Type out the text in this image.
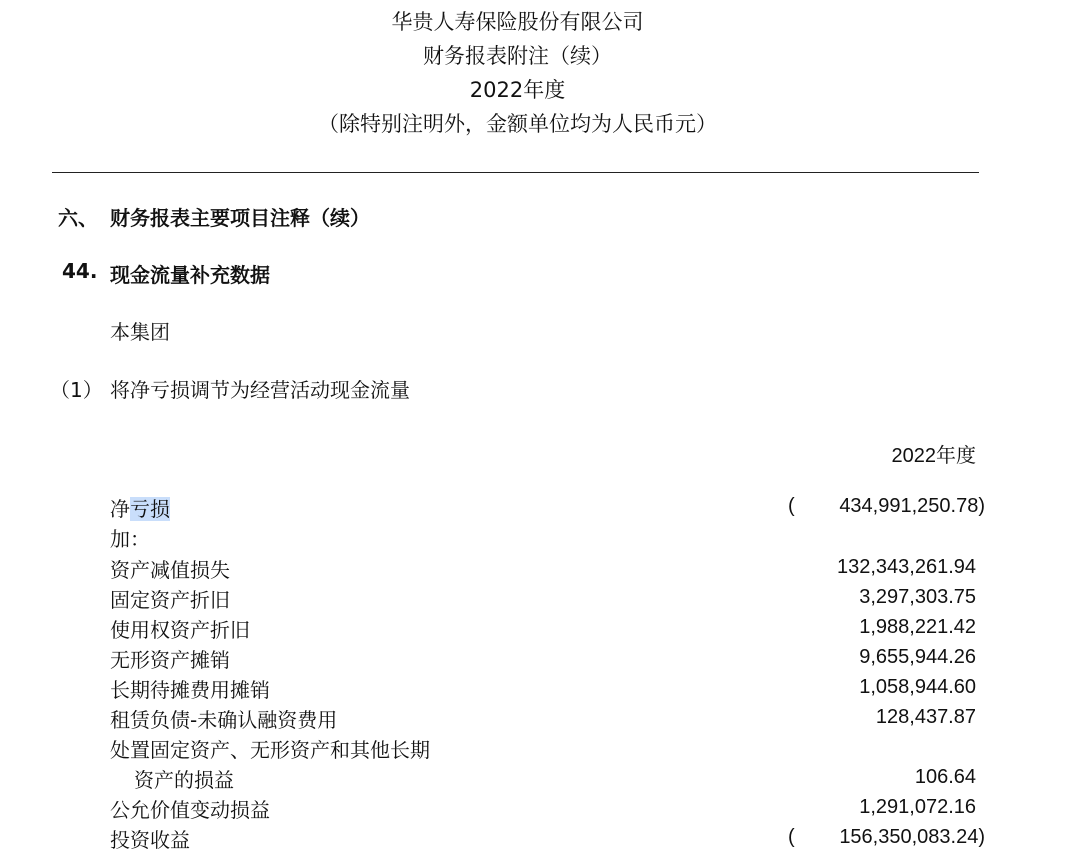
华贵人寿保险股份有限公司
财务报表附注（续）
2022年度
（除特别注明外，金额单位均为人民币元）
六、 财务报表主要项目注释（续）
44. 现金流量补充数据
本集团
（1） 将净亏损调节为经营活动现金流量
2022年度
净亏损	( 434,991,250.78)
加：
资产减值损失	132,343,261.94
固定资产折旧	3,297,303.75
使用权资产折旧	1,988,221.42
无形资产摊销	9,655,944.26
长期待摊费用摊销	1,058,944.60
租赁负债-未确认融资费用	128,437.87
处置固定资产、无形资产和其他长期
资产的损益	106.64
公允价值变动损益	1,291,072.16
投资收益	( 156,350,083.24)
